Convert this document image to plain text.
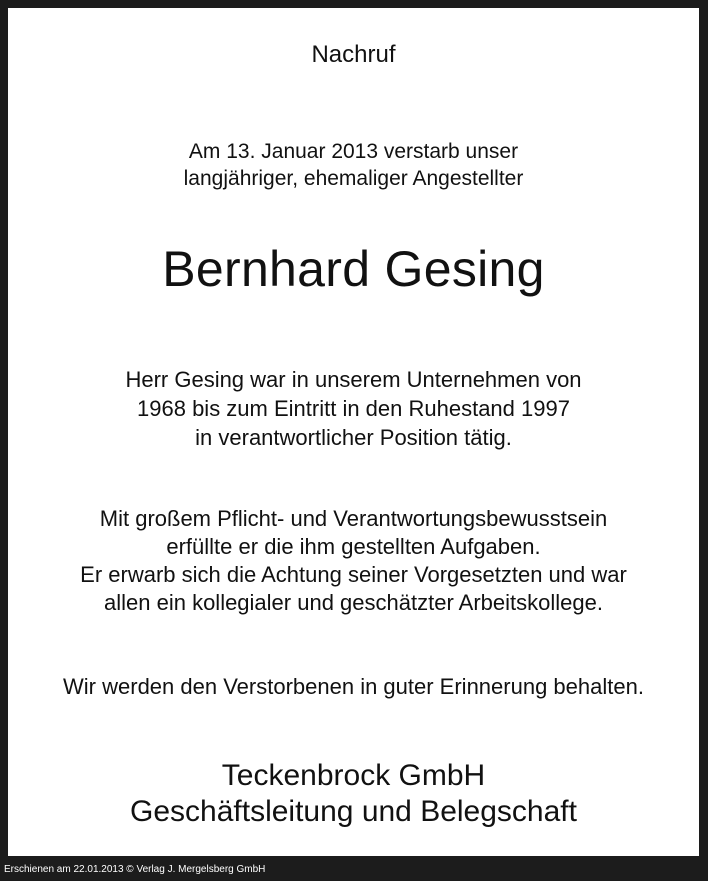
Nachruf
Am 13. Januar 2013 verstarb unser
langjähriger, ehemaliger Angestellter
Bernhard Gesing
Herr Gesing war in unserem Unternehmen von
1968 bis zum Eintritt in den Ruhestand 1997
in verantwortlicher Position tätig.
Mit großem Pflicht- und Verantwortungsbewusstsein
erfüllte er die ihm gestellten Aufgaben.
Er erwarb sich die Achtung seiner Vorgesetzten und war
allen ein kollegialer und geschätzter Arbeitskollege.
Wir werden den Verstorbenen in guter Erinnerung behalten.
Teckenbrock GmbH
Geschäftsleitung und Belegschaft
Erschienen am 22.01.2013 © Verlag J. Mergelsberg GmbH
